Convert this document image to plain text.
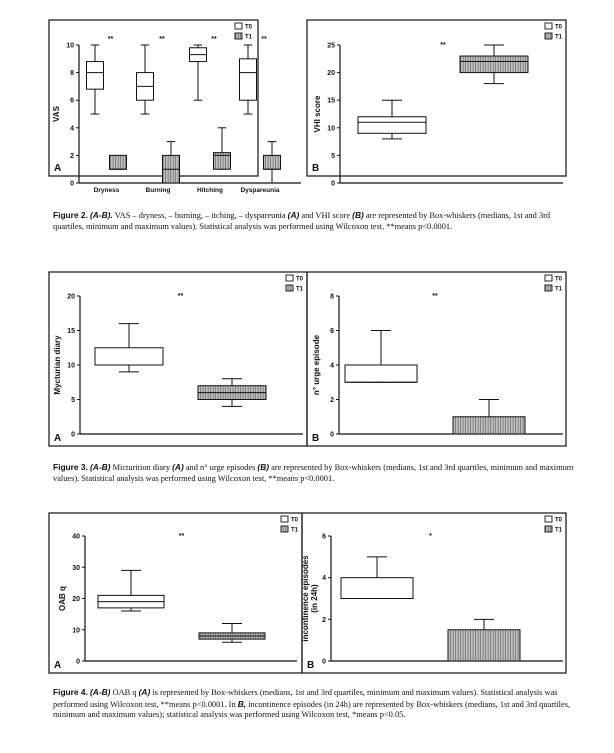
0
2
4
6
8
10
VAS
A
Dryness
**
Burning
**
Hitching
**
Dyspareunia
**
T0
T1
0
5
10
15
20
25
VHI score
B
**
T0
T1
0
5
10
15
20
Mycturian diary
A
**
T0
T1
0
2
4
6
8
n° urge episode
B
**
T0
T1
0
10
20
30
40
OAB q
A
**
T0
T1
0
2
4
6
incontinence episodes(in 24h)
B
*
T0
T1
Figure 2. (A-B). VAS – dryness, – burning, – itching, – dyspareunia (A) and VHI score (B) are represented by Box-whiskers (medians, 1st and 3rd quartiles, minimum and maximum values). Statistical analysis was performed using Wilcoxon test, **means p<0.0001.
Figure 3. (A-B) Micturition diary (A) and n° urge episodes (B) are represented by Box-whiskers (medians, 1st and 3rd quartiles, minimum and maximum values). Statistical analysis was performed using Wilcoxon test, **means p<0.0001.
Figure 4. (A-B) OAB q (A) is represented by Box-whiskers (medians, 1st and 3rd quartiles, minimum and maximum values). Statistical analysis was performed using Wilcoxon test, **means p<0.0001. In B, incontinence episodes (in 24h) are represented by Box-whiskers (medians, 1st and 3rd quartiles, minimum and maximum values); statistical analysis was performed using Wilcoxon test, *means p<0.05.
